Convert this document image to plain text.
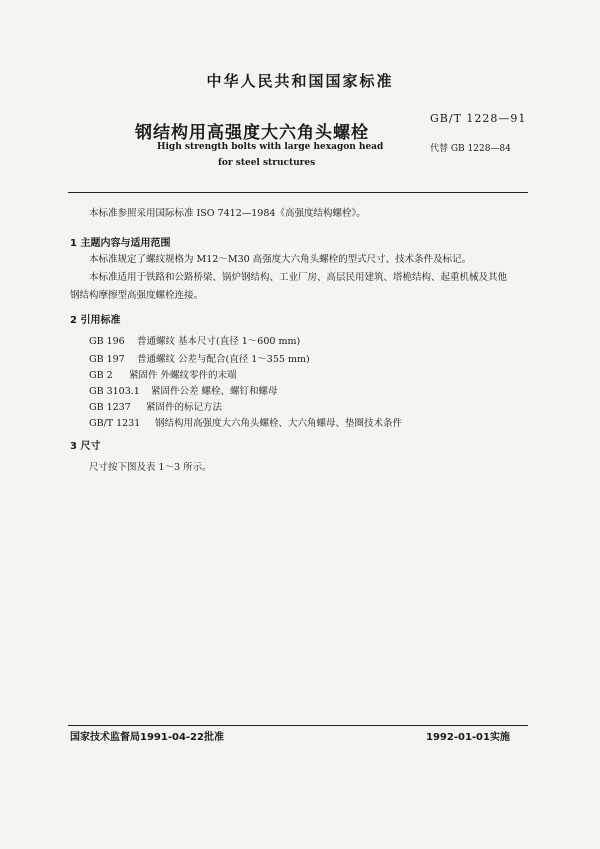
中华人民共和国国家标准
钢结构用高强度大六角头螺栓
GB/T 1228—91
High strength bolts with large hexagon head	代替 GB 1228—84
for steel structures
本标准参照采用国际标准 ISO 7412—1984《高强度结构螺栓》。
1 主题内容与适用范围
本标准规定了螺纹规格为 M12～M30 高强度大六角头螺栓的型式尺寸、技术条件及标记。
本标准适用于铁路和公路桥梁、锅炉钢结构、工业厂房、高层民用建筑、塔桅结构、起重机械及其他
钢结构摩擦型高强度螺栓连接。
2 引用标准
GB 196 普通螺纹 基本尺寸(直径 1～600 mm)
GB 197 普通螺纹 公差与配合(直径 1～355 mm)
GB 2 紧固件 外螺纹零件的末端
GB 3103.1 紧固件公差 螺栓、螺钉和螺母
GB 1237 紧固件的标记方法
GB/T 1231 钢结构用高强度大六角头螺栓、大六角螺母、垫圈技术条件
3 尺寸
尺寸按下图及表 1～3 所示。
国家技术监督局1991-04-22批准	1992-01-01实施
